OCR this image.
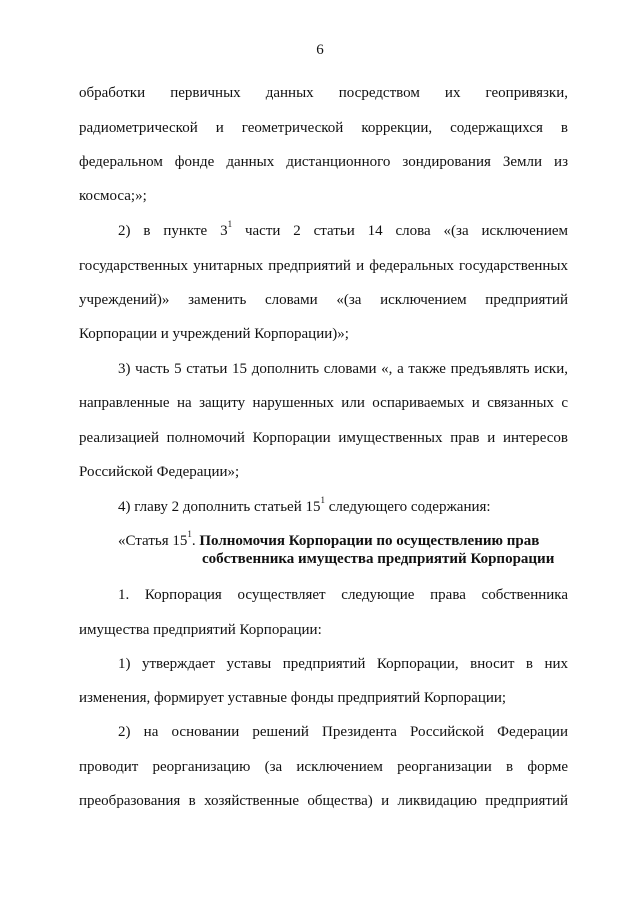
6
обработки первичных данных посредством их геопривязки,
радиометрической и геометрической коррекции, содержащихся в
федеральном фонде данных дистанционного зондирования Земли из
космоса;»;
2) в пункте $3^1$ части 2 статьи 14 слова «(за исключением
государственных унитарных предприятий и федеральных государственных
учреждений)» заменить словами «(за исключением предприятий
Корпорации и учреждений Корпорации)»;
3) часть 5 статьи 15 дополнить словами «, а также предъявлять иски,
направленные на защиту нарушенных или оспариваемых и связанных с
реализацией полномочий Корпорации имущественных прав и интересов
Российской Федерации»;
4) главу 2 дополнить статьей $15^1$ следующего содержания:
«Статья $15^1$. Полномочия Корпорации по осуществлению прав
собственника имущества предприятий Корпорации
1. Корпорация осуществляет следующие права собственника
имущества предприятий Корпорации:
1) утверждает уставы предприятий Корпорации, вносит в них
изменения, формирует уставные фонды предприятий Корпорации;
2) на основании решений Президента Российской Федерации
проводит реорганизацию (за исключением реорганизации в форме
преобразования в хозяйственные общества) и ликвидацию предприятий
